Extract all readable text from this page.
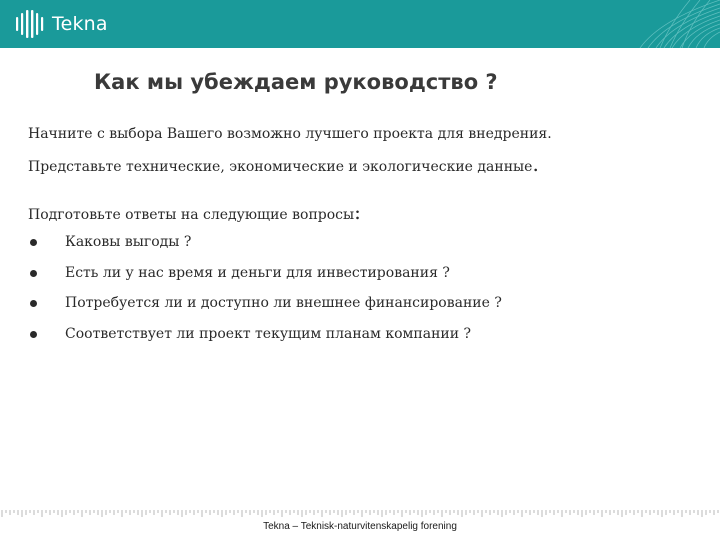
Tekna
Как мы убеждаем руководство ?

Начните с выбора Вашего возможно лучшего проекта для внедрения.

Представьте технические, экономические и экологические данные.

Подготовьте ответы на следующие вопросы:

Каковы выгоды ?
Есть ли у нас время и деньги для инвестирования ?
Потребуется ли и доступно ли внешнее финансирование ?
Соответствует ли проект текущим планам компании ?
Tekna – Teknisk-naturvitenskapelig forening
